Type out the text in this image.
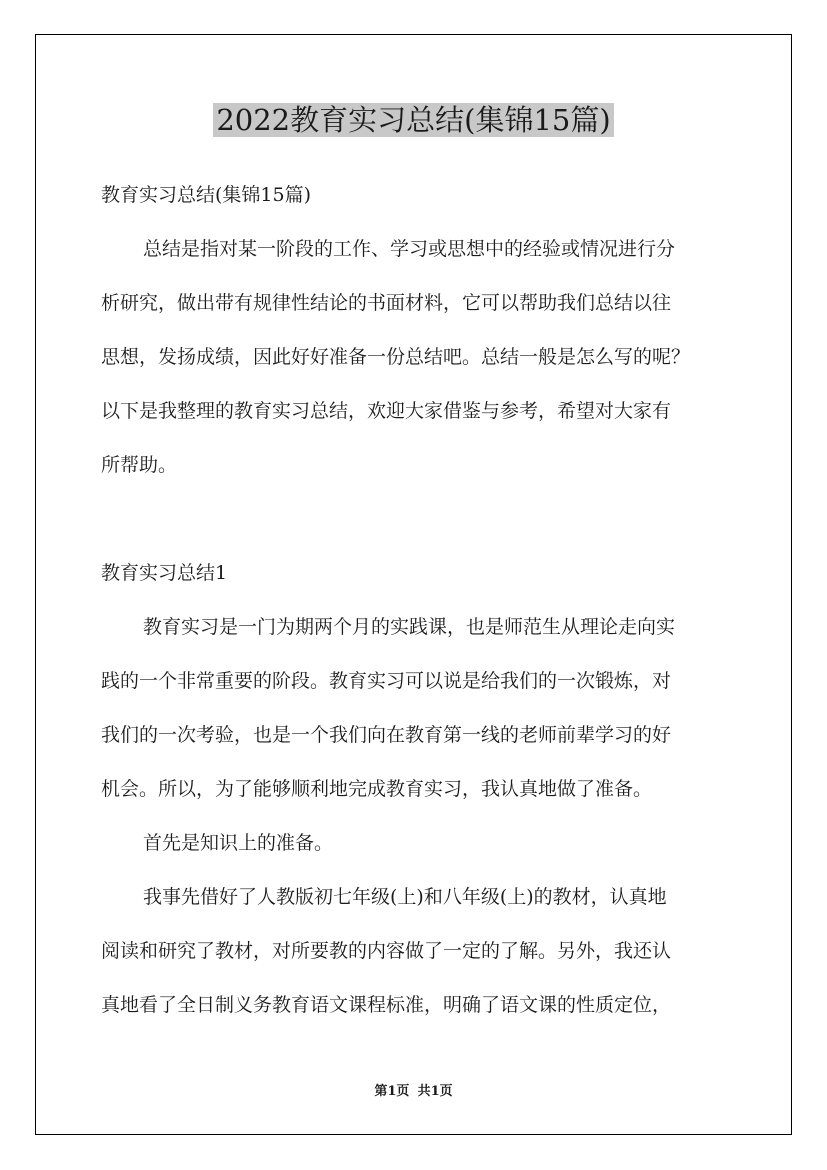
2022教育实习总结(集锦15篇)
教育实习总结(集锦15篇)
总结是指对某一阶段的工作、学习或思想中的经验或情况进行分
析研究，做出带有规律性结论的书面材料，它可以帮助我们总结以往
思想，发扬成绩，因此好好准备一份总结吧。总结一般是怎么写的呢？
以下是我整理的教育实习总结，欢迎大家借鉴与参考，希望对大家有
所帮助。
教育实习总结1
教育实习是一门为期两个月的实践课，也是师范生从理论走向实
践的一个非常重要的阶段。教育实习可以说是给我们的一次锻炼，对
我们的一次考验，也是一个我们向在教育第一线的老师前辈学习的好
机会。所以，为了能够顺利地完成教育实习，我认真地做了准备。
首先是知识上的准备。
我事先借好了人教版初七年级(上)和八年级(上)的教材，认真地
阅读和研究了教材，对所要教的内容做了一定的了解。另外，我还认
真地看了全日制义务教育语文课程标准，明确了语文课的性质定位，
第1页 共1页
